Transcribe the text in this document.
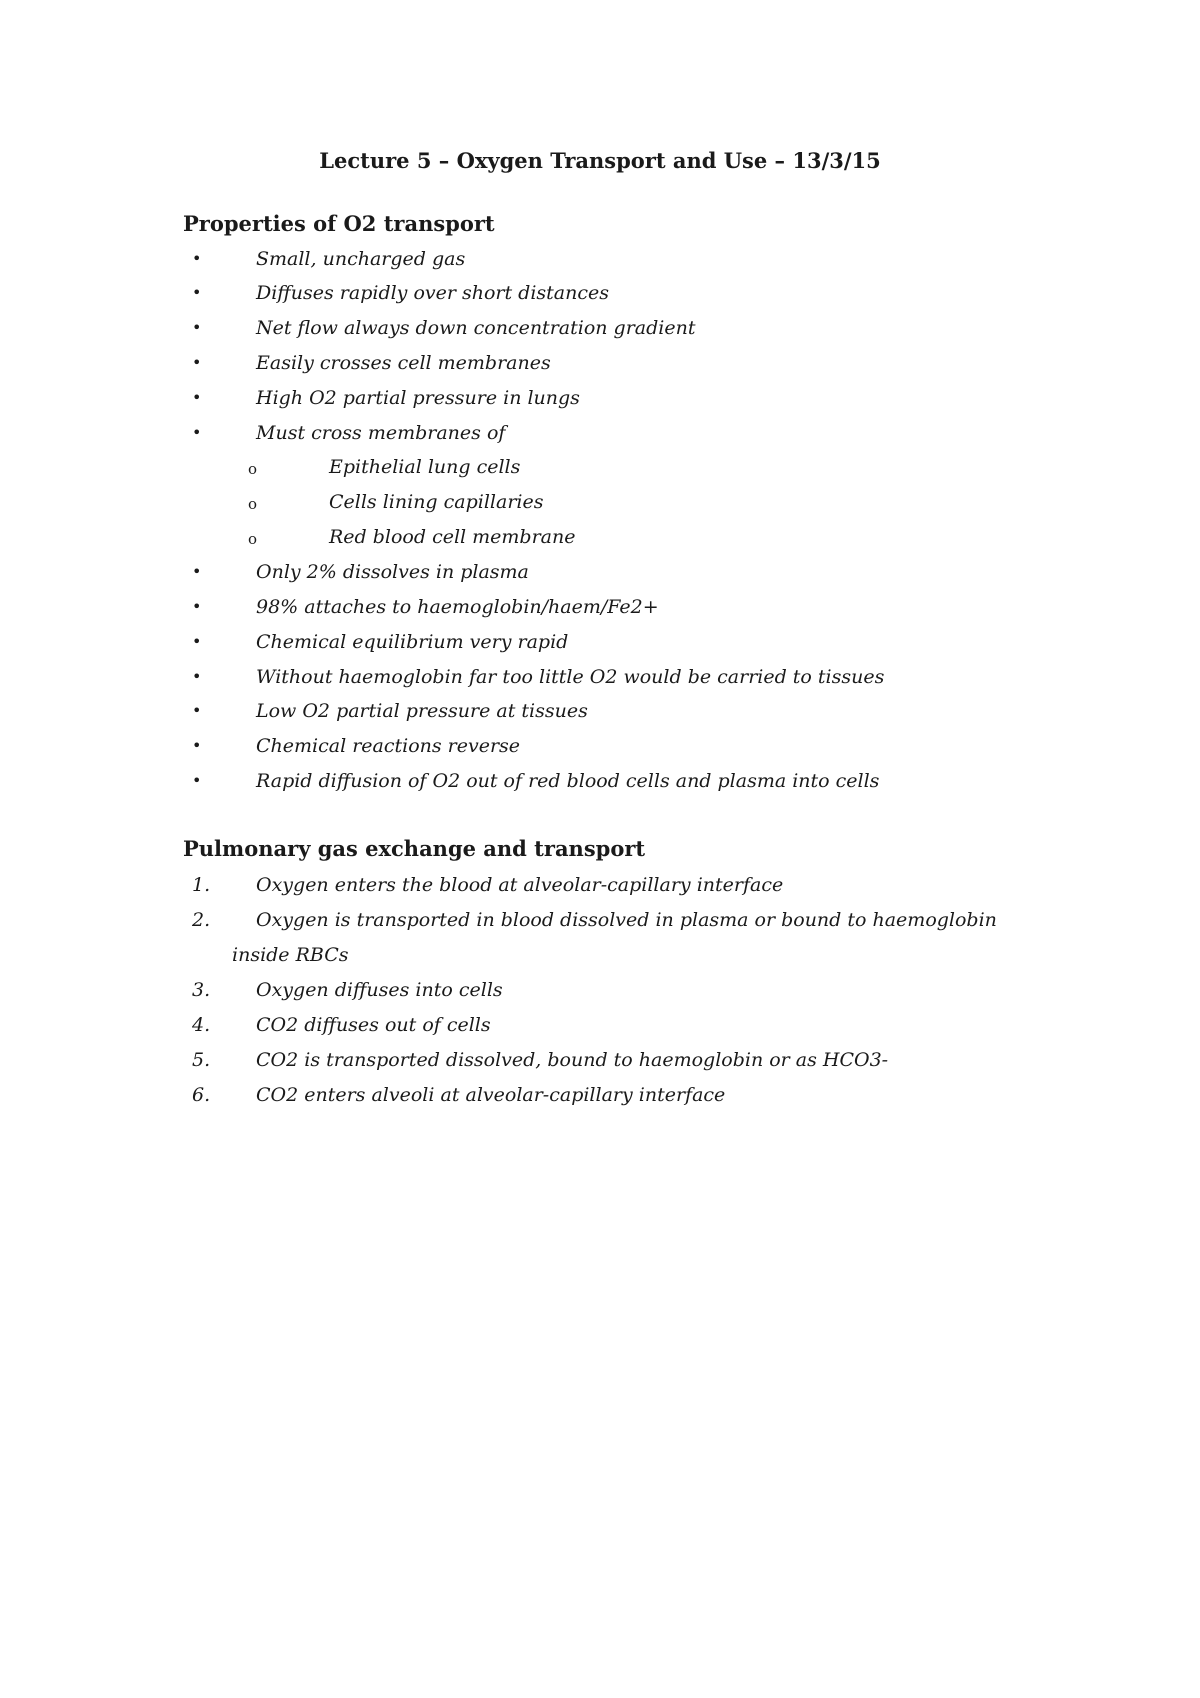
Lecture 5 – Oxygen Transport and Use – 13/3/15
Properties of O2 transport
•	Small, uncharged gas
•	Diffuses rapidly over short distances
•	Net flow always down concentration gradient
•	Easily crosses cell membranes
•	High O2 partial pressure in lungs
•	Must cross membranes of
o	Epithelial lung cells
o	Cells lining capillaries
o	Red blood cell membrane
•	Only 2% dissolves in plasma
•	98% attaches to haemoglobin/haem/Fe2+
•	Chemical equilibrium very rapid
•	Without haemoglobin far too little O2 would be carried to tissues
•	Low O2 partial pressure at tissues
•	Chemical reactions reverse
•	Rapid diffusion of O2 out of red blood cells and plasma into cells
Pulmonary gas exchange and transport
1. Oxygen enters the blood at alveolar-capillary interface
2. Oxygen is transported in blood dissolved in plasma or bound to haemoglobin
inside RBCs
3. Oxygen diffuses into cells
4. CO2 diffuses out of cells
5. CO2 is transported dissolved, bound to haemoglobin or as HCO3-
6. CO2 enters alveoli at alveolar-capillary interface
